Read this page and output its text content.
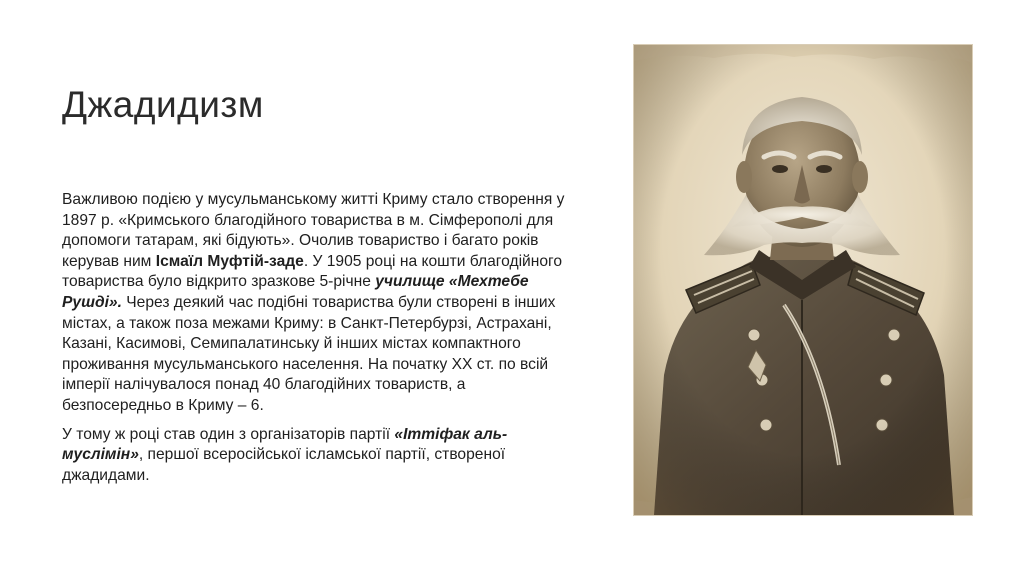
Джадидизм

Важливою подією у мусульманському житті Криму стало створення у 1897 р. «Кримського благодійного товариства в м. Сімферополі для допомоги татарам, які бідують». Очолив товариство і багато років керував ним Ісмаїл Муфтій-заде. У 1905 році на кошти благодійного товариства було відкрито зразкове 5-річне училище «Мехтебе Рушді». Через деякий час подібні товариства були створені в інших містах, а також поза межами Криму: в Санкт-Петербурзі, Астрахані, Казані, Касимові, Семипалатинську й інших містах компактного проживання мусульманського населення. На початку XX ст. по всій імперії налічувалося понад 40 благодійних товариств, а безпосередньо в Криму – 6.

У тому ж році став один з організаторів партії «Іттіфак аль-муслімін», першої всеросійської ісламської партії, створеної джадидами.
